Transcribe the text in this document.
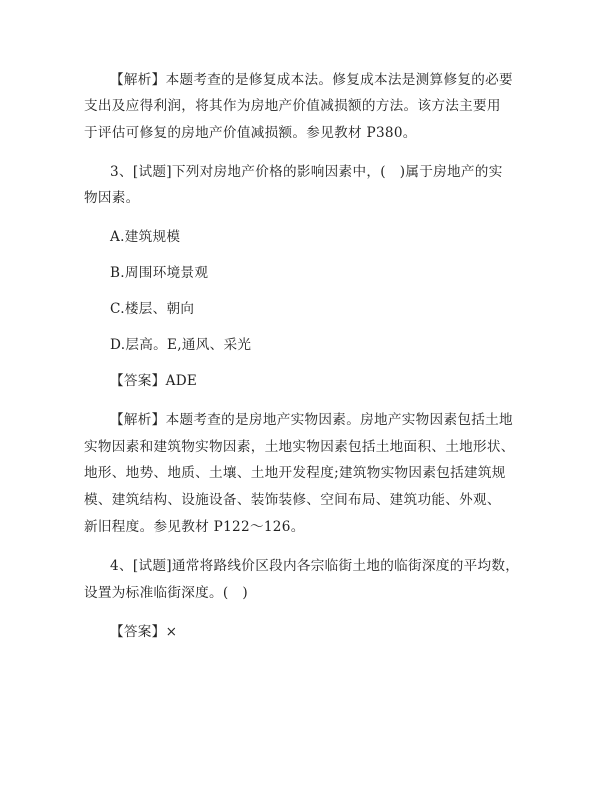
【解析】本题考查的是修复成本法。修复成本法是测算修复的必要
支出及应得利润，将其作为房地产价值减损额的方法。该方法主要用
于评估可修复的房地产价值减损额。参见教材 P380。
3、[试题]下列对房地产价格的影响因素中，(　)属于房地产的实
物因素。
A.建筑规模
B.周围环境景观
C.楼层、朝向
D.层高。E,通风、采光
【答案】ADE
【解析】本题考查的是房地产实物因素。房地产实物因素包括土地
实物因素和建筑物实物因素，土地实物因素包括土地面积、土地形状、
地形、地势、地质、土壤、土地开发程度;建筑物实物因素包括建筑规
模、建筑结构、设施设备、装饰装修、空间布局、建筑功能、外观、
新旧程度。参见教材 P122～126。
4、[试题]通常将路线价区段内各宗临街土地的临街深度的平均数，
设置为标准临街深度。(　)
【答案】×
